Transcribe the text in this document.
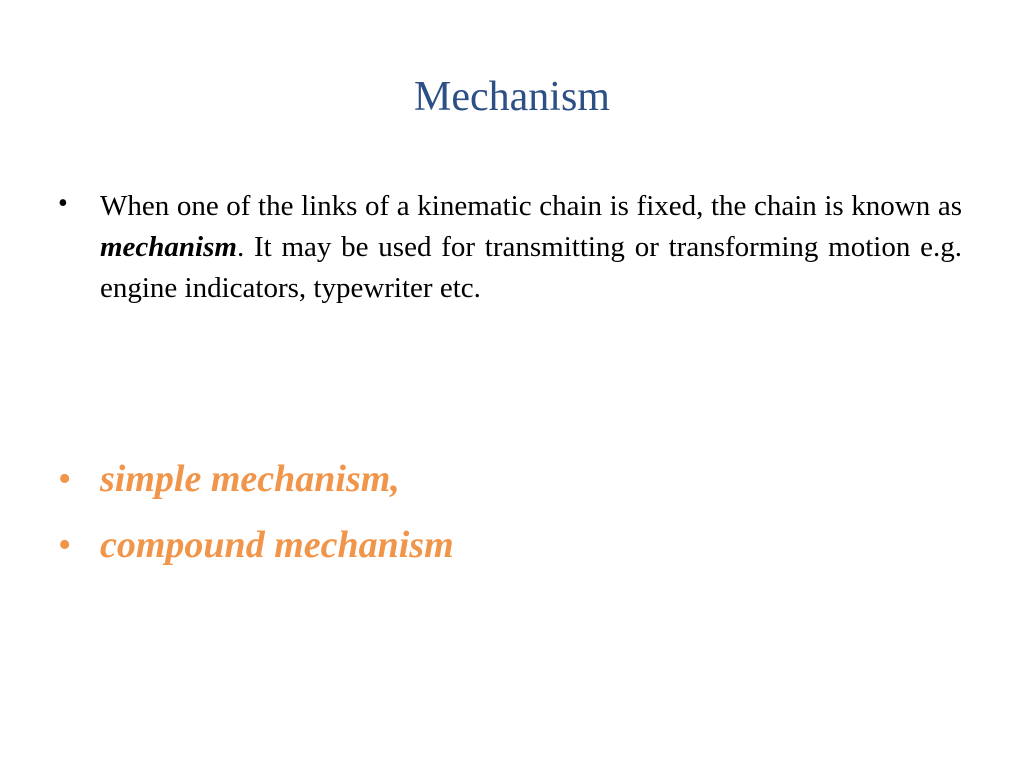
Mechanism
•	When one of the links of a kinematic chain is fixed, the chain is known as mechanism. It may be used for transmitting or transforming motion e.g. engine indicators, typewriter etc.
• simple mechanism,
• compound mechanism
